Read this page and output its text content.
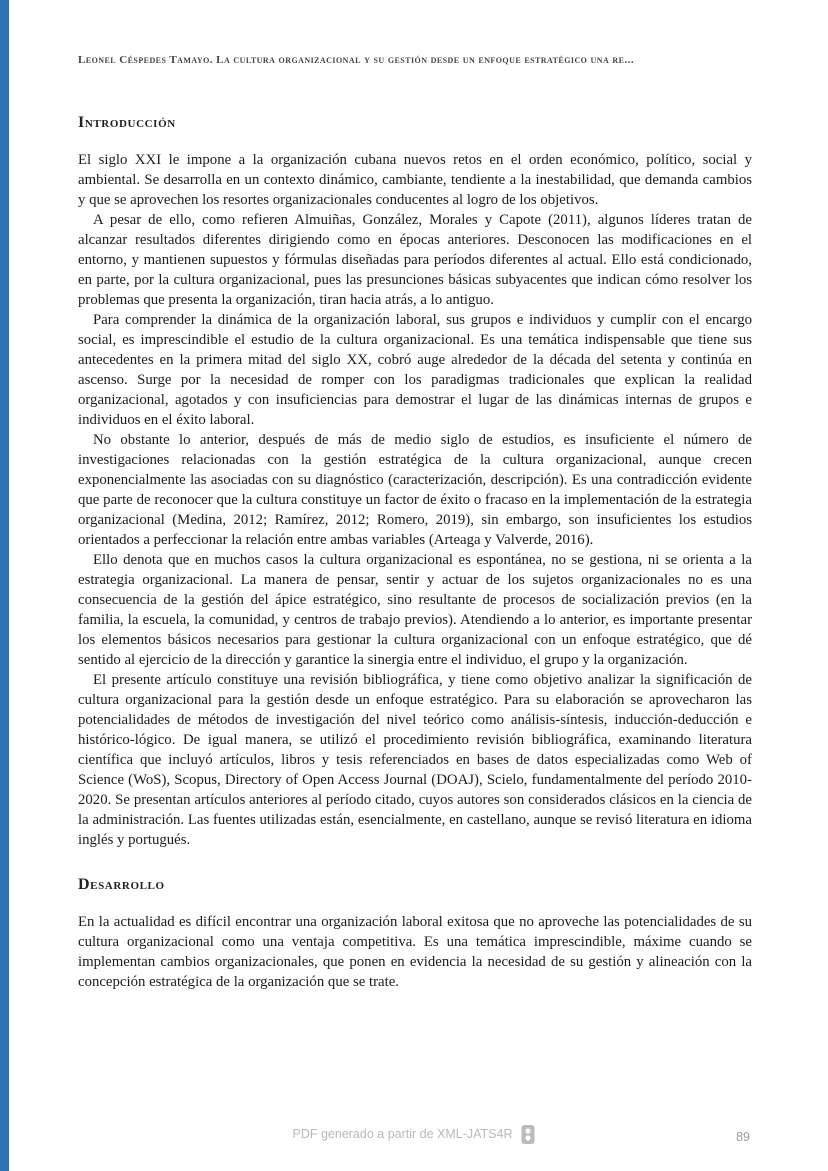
Leonel Céspedes Tamayo. La cultura organizacional y su gestión desde un enfoque estratégico una re...
Introducción

El siglo XXI le impone a la organización cubana nuevos retos en el orden económico, político, social y ambiental. Se desarrolla en un contexto dinámico, cambiante, tendiente a la inestabilidad, que demanda cambios y que se aprovechen los resortes organizacionales conducentes al logro de los objetivos.

A pesar de ello, como refieren Almuiñas, González, Morales y Capote (2011), algunos líderes tratan de alcanzar resultados diferentes dirigiendo como en épocas anteriores. Desconocen las modificaciones en el entorno, y mantienen supuestos y fórmulas diseñadas para períodos diferentes al actual. Ello está condicionado, en parte, por la cultura organizacional, pues las presunciones básicas subyacentes que indican cómo resolver los problemas que presenta la organización, tiran hacia atrás, a lo antiguo.

Para comprender la dinámica de la organización laboral, sus grupos e individuos y cumplir con el encargo social, es imprescindible el estudio de la cultura organizacional. Es una temática indispensable que tiene sus antecedentes en la primera mitad del siglo XX, cobró auge alrededor de la década del setenta y continúa en ascenso. Surge por la necesidad de romper con los paradigmas tradicionales que explican la realidad organizacional, agotados y con insuficiencias para demostrar el lugar de las dinámicas internas de grupos e individuos en el éxito laboral.

No obstante lo anterior, después de más de medio siglo de estudios, es insuficiente el número de investigaciones relacionadas con la gestión estratégica de la cultura organizacional, aunque crecen exponencialmente las asociadas con su diagnóstico (caracterización, descripción). Es una contradicción evidente que parte de reconocer que la cultura constituye un factor de éxito o fracaso en la implementación de la estrategia organizacional (Medina, 2012; Ramírez, 2012; Romero, 2019), sin embargo, son insuficientes los estudios orientados a perfeccionar la relación entre ambas variables (Arteaga y Valverde, 2016).

Ello denota que en muchos casos la cultura organizacional es espontánea, no se gestiona, ni se orienta a la estrategia organizacional. La manera de pensar, sentir y actuar de los sujetos organizacionales no es una consecuencia de la gestión del ápice estratégico, sino resultante de procesos de socialización previos (en la familia, la escuela, la comunidad, y centros de trabajo previos). Atendiendo a lo anterior, es importante presentar los elementos básicos necesarios para gestionar la cultura organizacional con un enfoque estratégico, que dé sentido al ejercicio de la dirección y garantice la sinergia entre el individuo, el grupo y la organización.

El presente artículo constituye una revisión bibliográfica, y tiene como objetivo analizar la significación de cultura organizacional para la gestión desde un enfoque estratégico. Para su elaboración se aprovecharon las potencialidades de métodos de investigación del nivel teórico como análisis-síntesis, inducción-deducción e histórico-lógico. De igual manera, se utilizó el procedimiento revisión bibliográfica, examinando literatura científica que incluyó artículos, libros y tesis referenciados en bases de datos especializadas como Web of Science (WoS), Scopus, Directory of Open Access Journal (DOAJ), Scielo, fundamentalmente del período 2010-2020. Se presentan artículos anteriores al período citado, cuyos autores son considerados clásicos en la ciencia de la administración. Las fuentes utilizadas están, esencialmente, en castellano, aunque se revisó literatura en idioma inglés y portugués.

Desarrollo

En la actualidad es difícil encontrar una organización laboral exitosa que no aproveche las potencialidades de su cultura organizacional como una ventaja competitiva. Es una temática imprescindible, máxime cuando se implementan cambios organizacionales, que ponen en evidencia la necesidad de su gestión y alineación con la concepción estratégica de la organización que se trate.

PDF generado a partir de XML-JATS4R	89
